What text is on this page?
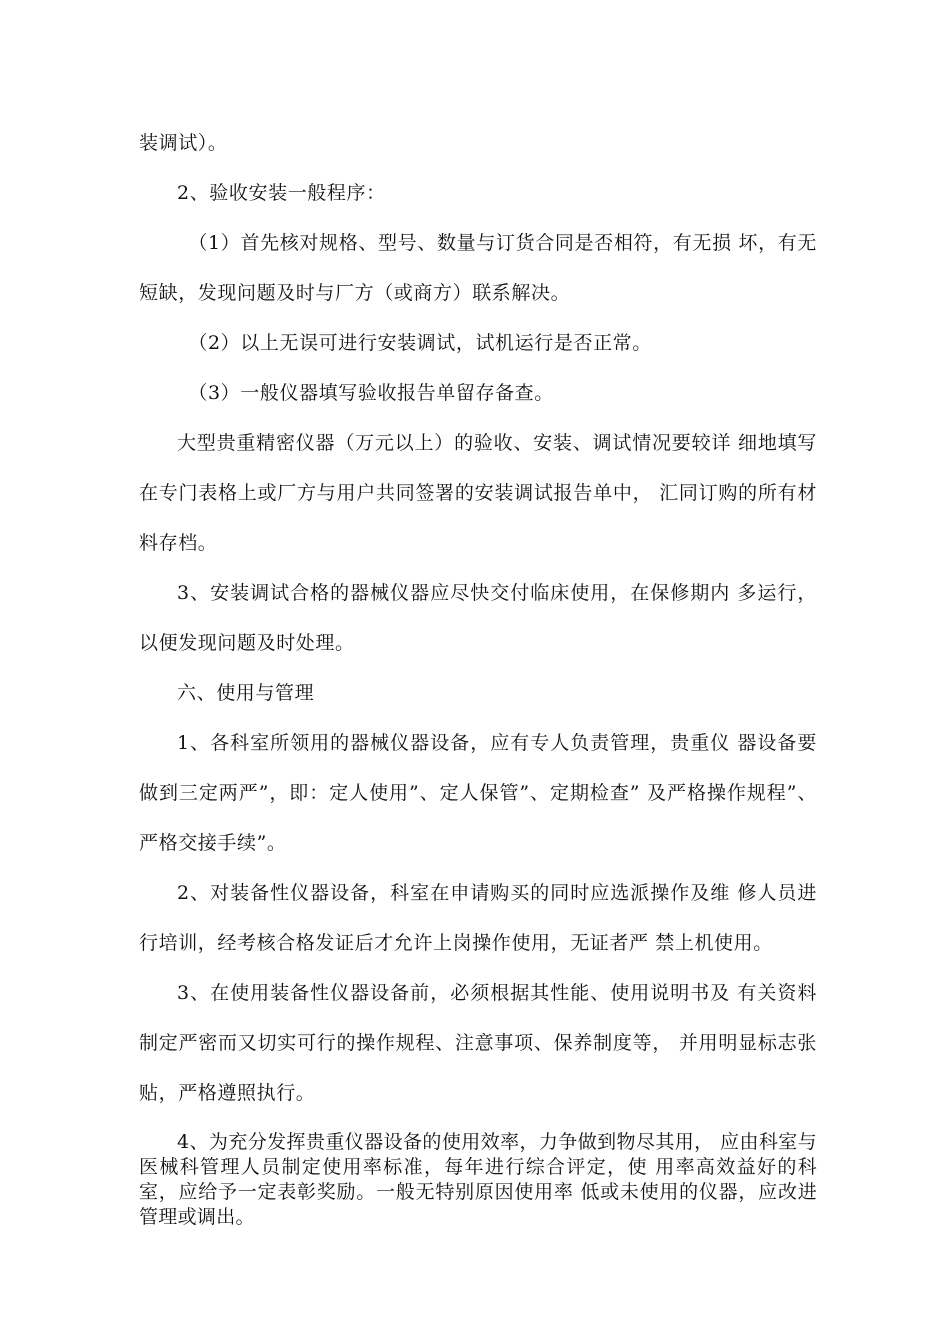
装调试）。

2、验收安装一般程序：

（1）首先核对规格、型号、数量与订货合同是否相符，有无损 坏，有无短缺，发现问题及时与厂方（或商方）联系解决。

（2）以上无误可进行安装调试，试机运行是否正常。

（3）一般仪器填写验收报告单留存备查。

大型贵重精密仪器（万元以上）的验收、安装、调试情况要较详 细地填写在专门表格上或厂方与用户共同签署的安装调试报告单中， 汇同订购的所有材料存档。

3、安装调试合格的器械仪器应尽快交付临床使用，在保修期内 多运行，以便发现问题及时处理。

六、使用与管理

1、各科室所领用的器械仪器设备，应有专人负责管理，贵重仪 器设备要做到三定两严”，即：定人使用”、定人保管”、定期检查” 及严格操作规程”、严格交接手续”。

2、对装备性仪器设备，科室在申请购买的同时应选派操作及维 修人员进行培训，经考核合格发证后才允许上岗操作使用，无证者严 禁上机使用。

3、在使用装备性仪器设备前，必须根据其性能、使用说明书及 有关资料制定严密而又切实可行的操作规程、注意事项、保养制度等， 并用明显标志张贴，严格遵照执行。

4、为充分发挥贵重仪器设备的使用效率，力争做到物尽其用， 应由科室与医械科管理人员制定使用率标准，每年进行综合评定，使 用率高效益好的科室，应给予一定表彰奖励。一般无特别原因使用率 低或未使用的仪器，应改进管理或调出。
